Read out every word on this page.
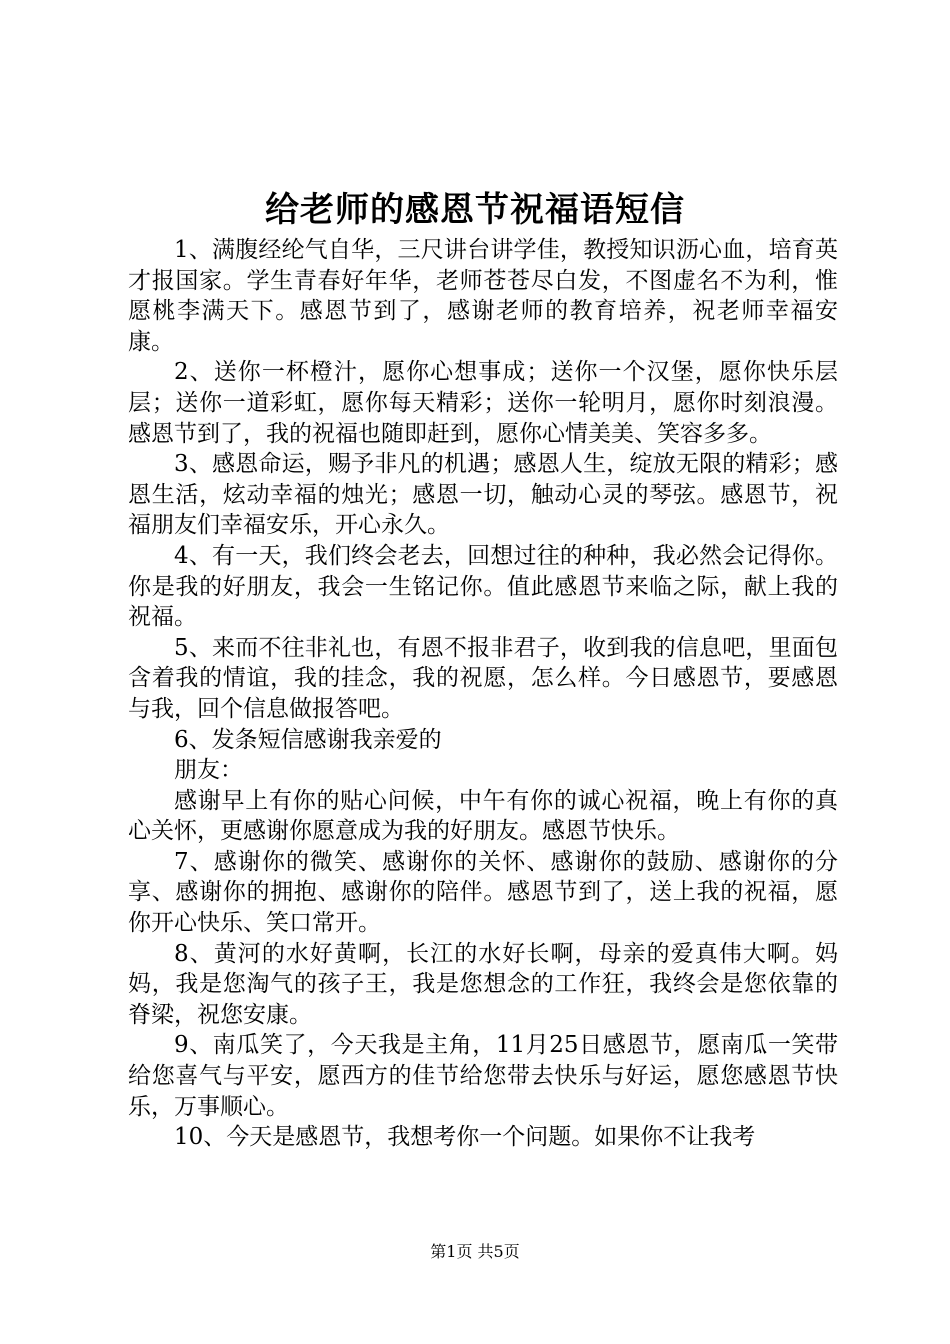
给老师的感恩节祝福语短信

1、满腹经纶气自华，三尺讲台讲学佳，教授知识沥心血，培育英才报国家。学生青春好年华，老师苍苍尽白发，不图虚名不为利，惟愿桃李满天下。感恩节到了，感谢老师的教育培养，祝老师幸福安康。

2、送你一杯橙汁，愿你心想事成；送你一个汉堡，愿你快乐层层；送你一道彩虹，愿你每天精彩；送你一轮明月，愿你时刻浪漫。感恩节到了，我的祝福也随即赶到，愿你心情美美、笑容多多。

3、感恩命运，赐予非凡的机遇；感恩人生，绽放无限的精彩；感恩生活，炫动幸福的烛光；感恩一切，触动心灵的琴弦。感恩节，祝福朋友们幸福安乐，开心永久。

4、有一天，我们终会老去，回想过往的种种，我必然会记得你。你是我的好朋友，我会一生铭记你。值此感恩节来临之际，献上我的祝福。

5、来而不往非礼也，有恩不报非君子，收到我的信息吧，里面包含着我的情谊，我的挂念，我的祝愿，怎么样。今日感恩节，要感恩与我，回个信息做报答吧。

6、发条短信感谢我亲爱的

朋友：

感谢早上有你的贴心问候，中午有你的诚心祝福，晚上有你的真心关怀，更感谢你愿意成为我的好朋友。感恩节快乐。

7、感谢你的微笑、感谢你的关怀、感谢你的鼓励、感谢你的分享、感谢你的拥抱、感谢你的陪伴。感恩节到了，送上我的祝福，愿你开心快乐、笑口常开。

8、黄河的水好黄啊，长江的水好长啊，母亲的爱真伟大啊。妈妈，我是您淘气的孩子王，我是您想念的工作狂，我终会是您依靠的脊梁，祝您安康。

9、南瓜笑了，今天我是主角，11月25日感恩节，愿南瓜一笑带给您喜气与平安，愿西方的佳节给您带去快乐与好运，愿您感恩节快乐，万事顺心。

10、今天是感恩节，我想考你一个问题。如果你不让我考

第1页 共5页
